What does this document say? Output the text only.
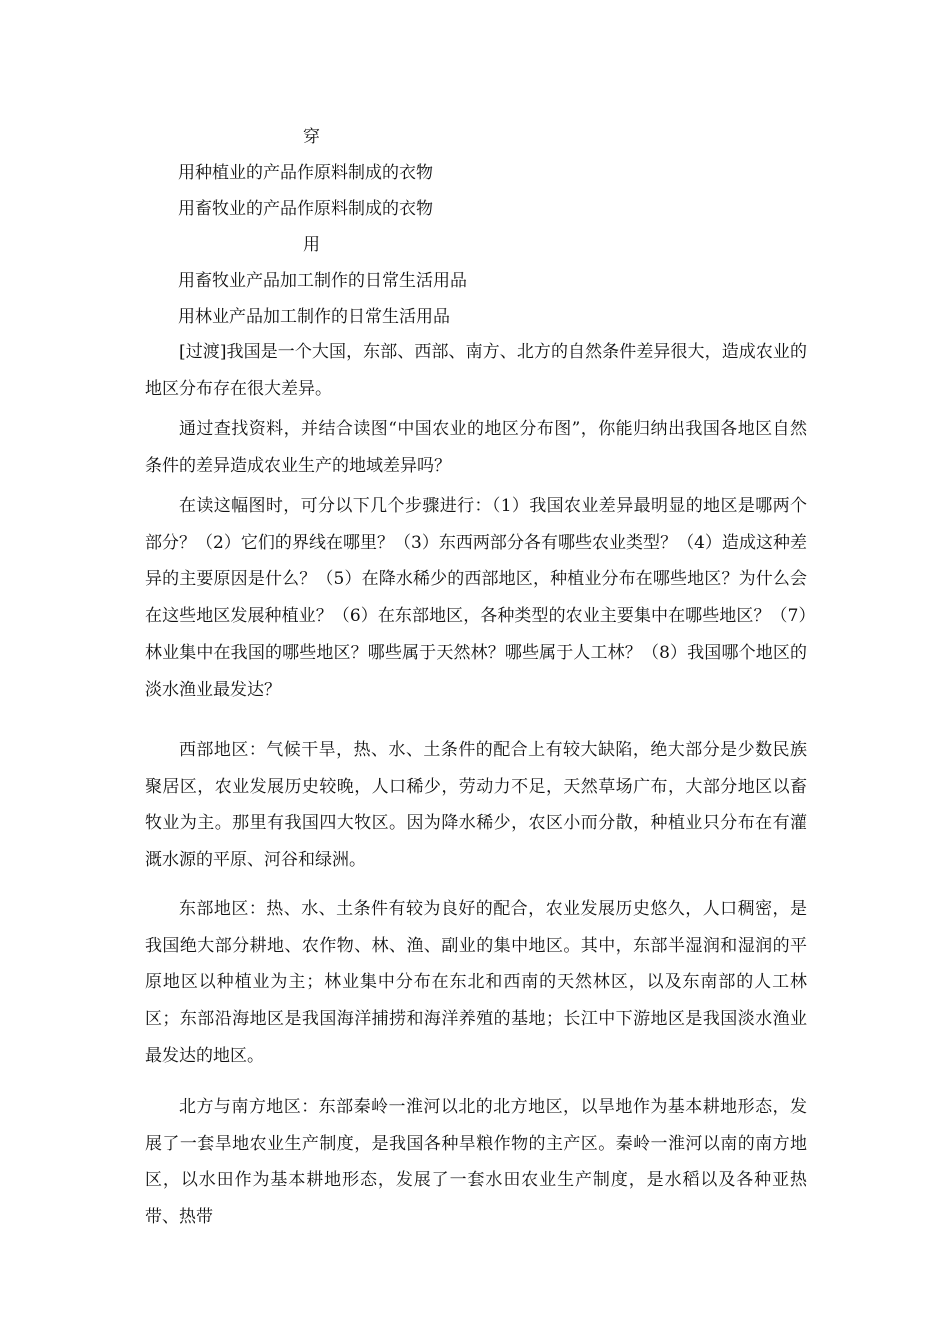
穿
用种植业的产品作原料制成的衣物
用畜牧业的产品作原料制成的衣物
用
用畜牧业产品加工制作的日常生活用品
用林业产品加工制作的日常生活用品

[过渡]我国是一个大国，东部、西部、南方、北方的自然条件差异很大，造成农业的地区分布存在很大差异。

通过查找资料，并结合读图“中国农业的地区分布图”，你能归纳出我国各地区自然条件的差异造成农业生产的地域差异吗？

在读这幅图时，可分以下几个步骤进行：（1）我国农业差异最明显的地区是哪两个部分？（2）它们的界线在哪里？（3）东西两部分各有哪些农业类型？（4）造成这种差异的主要原因是什么？（5）在降水稀少的西部地区，种植业分布在哪些地区？为什么会在这些地区发展种植业？（6）在东部地区，各种类型的农业主要集中在哪些地区？（7）林业集中在我国的哪些地区？哪些属于天然林？哪些属于人工林？（8）我国哪个地区的淡水渔业最发达？

西部地区：气候干旱，热、水、土条件的配合上有较大缺陷，绝大部分是少数民族聚居区，农业发展历史较晚，人口稀少，劳动力不足，天然草场广布，大部分地区以畜牧业为主。那里有我国四大牧区。因为降水稀少，农区小而分散，种植业只分布在有灌溉水源的平原、河谷和绿洲。

东部地区：热、水、土条件有较为良好的配合，农业发展历史悠久，人口稠密，是我国绝大部分耕地、农作物、林、渔、副业的集中地区。其中，东部半湿润和湿润的平原地区以种植业为主；林业集中分布在东北和西南的天然林区，以及东南部的人工林区；东部沿海地区是我国海洋捕捞和海洋养殖的基地；长江中下游地区是我国淡水渔业最发达的地区。

北方与南方地区：东部秦岭一淮河以北的北方地区，以旱地作为基本耕地形态，发展了一套旱地农业生产制度，是我国各种旱粮作物的主产区。秦岭一淮河以南的南方地区，以水田作为基本耕地形态，发展了一套水田农业生产制度，是水稻以及各种亚热带、热带
